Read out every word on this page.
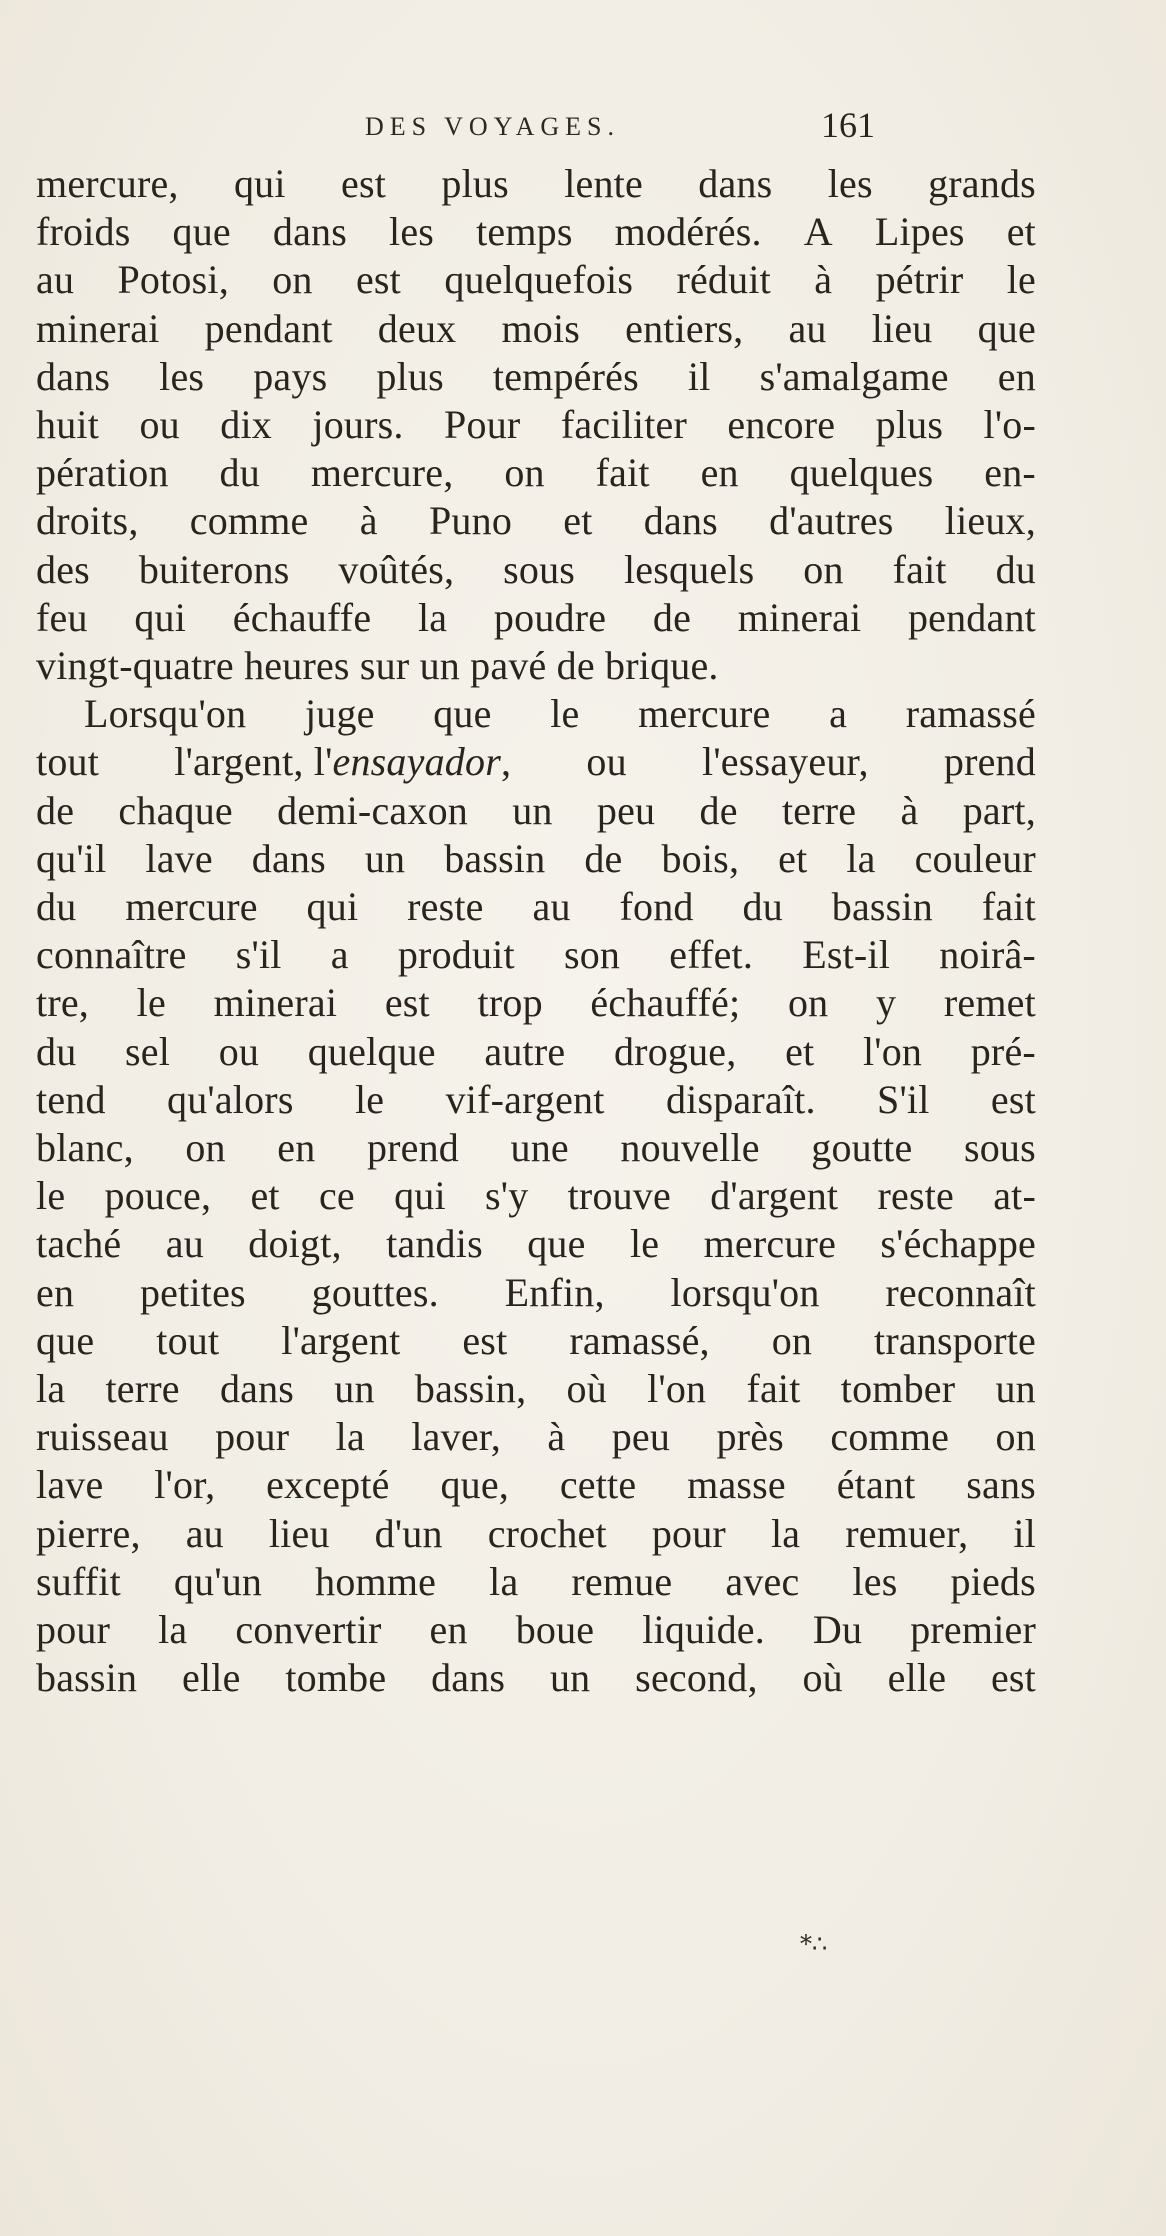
DES VOYAGES.	161
mercure, qui est plus lente dans les grands
froids que dans les temps modérés. A Lipes et
au Potosi, on est quelquefois réduit à pétrir le
minerai pendant deux mois entiers, au lieu que
dans les pays plus tempérés il s'amalgame en
huit ou dix jours. Pour faciliter encore plus l'o-
pération du mercure, on fait en quelques en-
droits, comme à Puno et dans d'autres lieux,
des buiterons voûtés, sous lesquels on fait du
feu qui échauffe la poudre de minerai pendant
vingt-quatre heures sur un pavé de brique.
Lorsqu'on juge que le mercure a ramassé
tout l'argent, l'ensayador, ou l'essayeur, prend
de chaque demi-caxon un peu de terre à part,
qu'il lave dans un bassin de bois, et la couleur
du mercure qui reste au fond du bassin fait
connaître s'il a produit son effet. Est-il noirâ-
tre, le minerai est trop échauffé; on y remet
du sel ou quelque autre drogue, et l'on pré-
tend qu'alors le vif-argent disparaît. S'il est
blanc, on en prend une nouvelle goutte sous
le pouce, et ce qui s'y trouve d'argent reste at-
taché au doigt, tandis que le mercure s'échappe
en petites gouttes. Enfin, lorsqu'on reconnaît
que tout l'argent est ramassé, on transporte
la terre dans un bassin, où l'on fait tomber un
ruisseau pour la laver, à peu près comme on
lave l'or, excepté que, cette masse étant sans
pierre, au lieu d'un crochet pour la remuer, il
suffit qu'un homme la remue avec les pieds
pour la convertir en boue liquide. Du premier
bassin elle tombe dans un second, où elle est
*∴
